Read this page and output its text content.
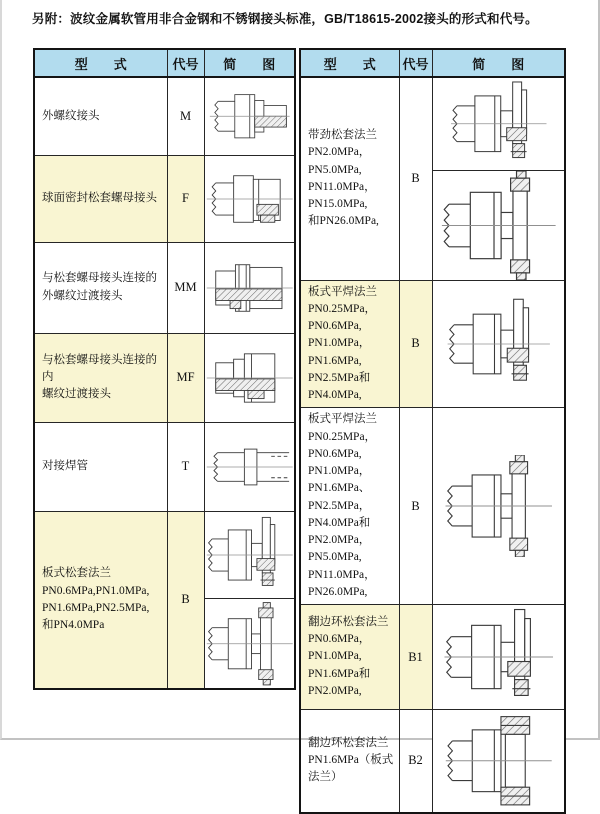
另附：波纹金属软管用非合金钢和不锈钢接头标准，GB/T18615-2002接头的形式和代号。
型　　式	代号	简　　图

外螺纹接头	M	

球面密封松套螺母接头	F	

与松套螺母接头连接的
外螺纹过渡接头	MM	

与松套螺母接头连接的内
螺纹过渡接头	MF	

对接焊管	T	

板式松套法兰
PN0.6MPa,PN1.0MPa,
PN1.6MPa,PN2.5MPa,
和PN4.0MPa	B	

型　　式	代号	简　　图

带劲松套法兰
PN2.0MPa，PN5.0MPa,
PN11.0MPa，PN15.0MPa,
和PN26.0MPa,	B	

板式平焊法兰
PN0.25MPa，PN0.6MPa,
PN1.0MPa，PN1.6MPa,
PN2.5MPa和PN4.0MPa,	B	

板式平焊法兰
PN0.25MPa，PN0.6MPa,
PN1.0MPa，PN1.6MPa、
PN2.5MPa，PN4.0MPa和
PN2.0MPa，PN5.0MPa,
PN11.0MPa，PN26.0MPa,
	B	

翻边环松套法兰
PN0.6MPa，PN1.0MPa,
PN1.6MPa和PN2.0MPa,	B1	

翻边环松套法兰
PN1.6MPa（板式法兰）	B2	
